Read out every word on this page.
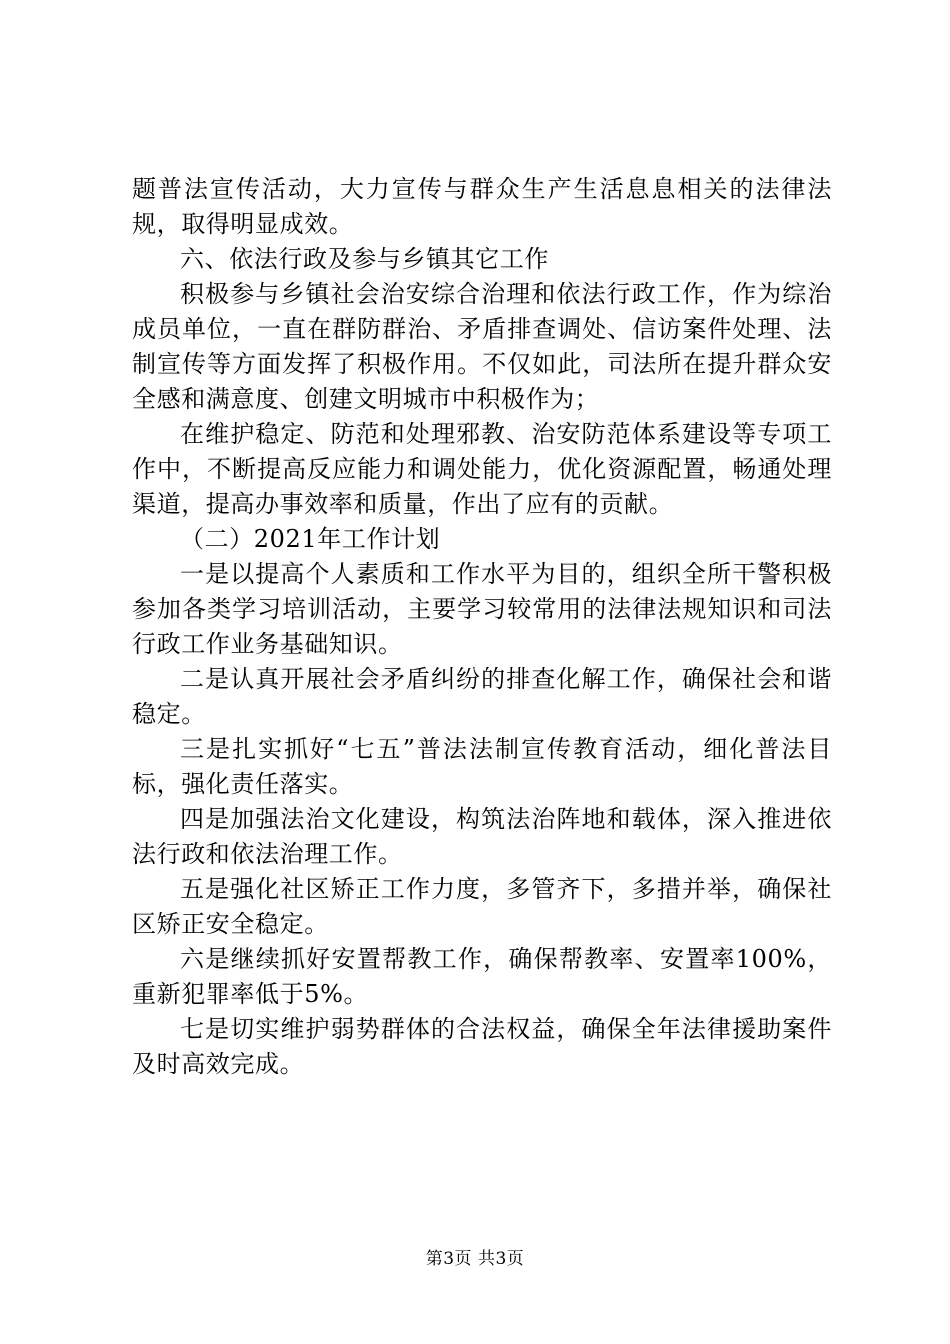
题普法宣传活动，大力宣传与群众生产生活息息相关的法律法规，取得明显成效。

六、依法行政及参与乡镇其它工作

积极参与乡镇社会治安综合治理和依法行政工作，作为综治成员单位，一直在群防群治、矛盾排查调处、信访案件处理、法制宣传等方面发挥了积极作用。不仅如此，司法所在提升群众安全感和满意度、创建文明城市中积极作为；

在维护稳定、防范和处理邪教、治安防范体系建设等专项工作中，不断提高反应能力和调处能力，优化资源配置，畅通处理渠道，提高办事效率和质量，作出了应有的贡献。

（二）2021年工作计划

一是以提高个人素质和工作水平为目的，组织全所干警积极参加各类学习培训活动，主要学习较常用的法律法规知识和司法行政工作业务基础知识。

二是认真开展社会矛盾纠纷的排查化解工作，确保社会和谐稳定。

三是扎实抓好“七五”普法法制宣传教育活动，细化普法目标，强化责任落实。

四是加强法治文化建设，构筑法治阵地和载体，深入推进依法行政和依法治理工作。

五是强化社区矫正工作力度，多管齐下，多措并举，确保社区矫正安全稳定。

六是继续抓好安置帮教工作，确保帮教率、安置率100%，重新犯罪率低于5%。

七是切实维护弱势群体的合法权益，确保全年法律援助案件及时高效完成。

第3页 共3页
